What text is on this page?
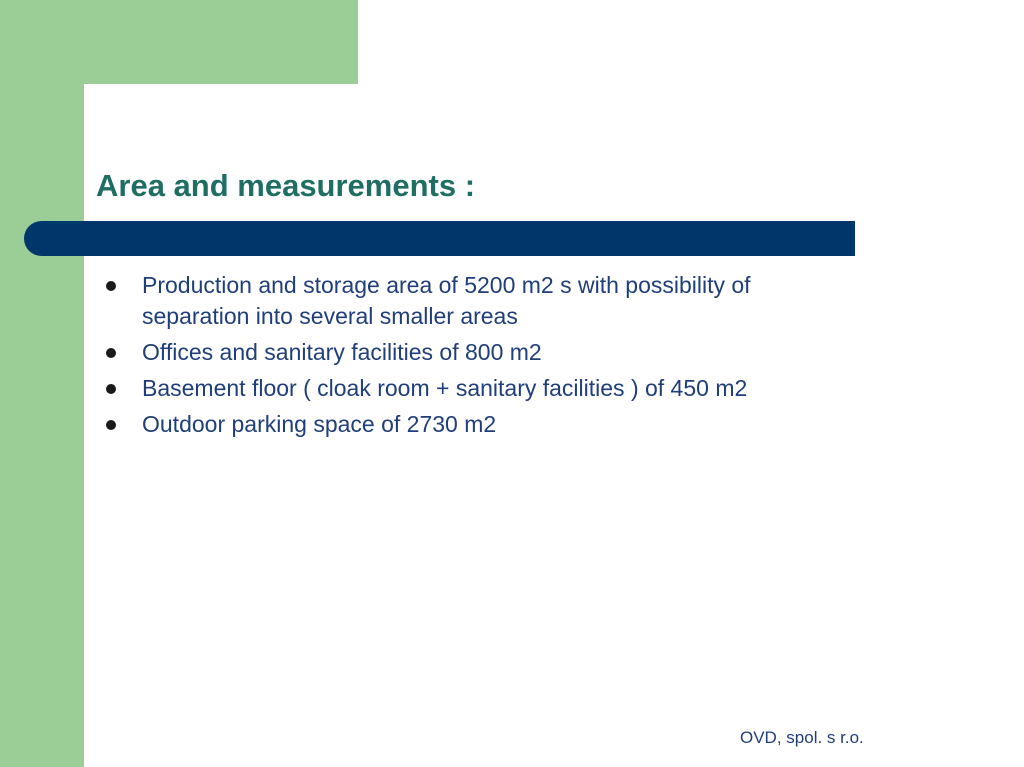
Area and measurements :
Production and storage area of 5200 m2 s with possibility of separation into several smaller areas
Offices and sanitary facilities of 800 m2
Basement floor ( cloak room + sanitary facilities ) of 450 m2
Outdoor parking space of 2730 m2
OVD, spol. s r.o.
